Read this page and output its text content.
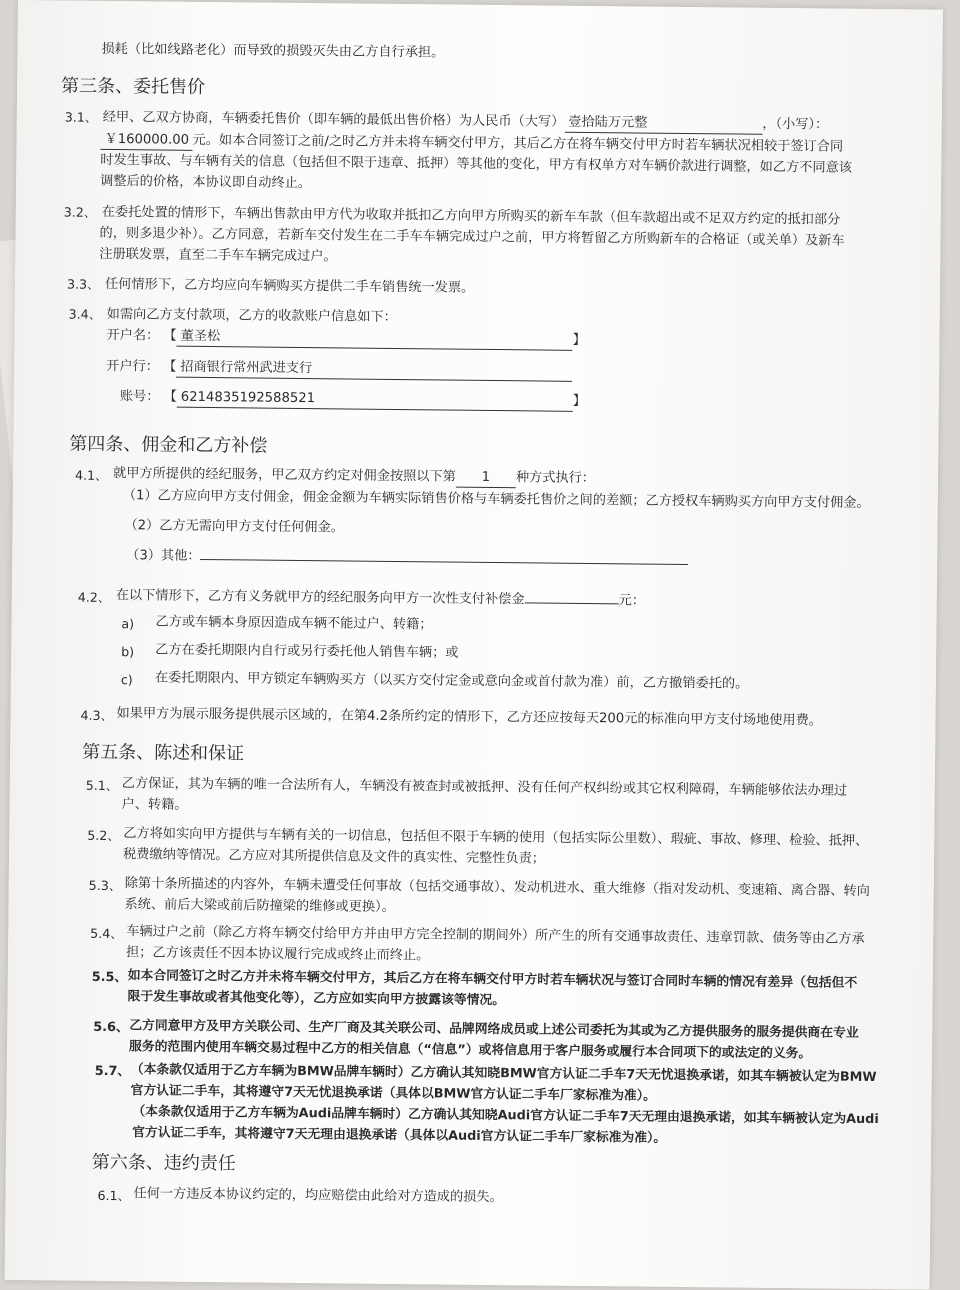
损耗（比如线路老化）而导致的损毁灭失由乙方自行承担。
第三条、委托售价
3.1、 经甲、乙双方协商，车辆委托售价（即车辆的最低出售价格）为人民币（大写） 壹拾陆万元整	，（小写）：
￥160000.00 元。如本合同签订之前/之时乙方并未将车辆交付甲方，其后乙方在将车辆交付甲方时若车辆状况相较于签订合同
时发生事故、与车辆有关的信息（包括但不限于违章、抵押）等其他的变化，甲方有权单方对车辆价款进行调整，如乙方不同意该
调整后的价格，本协议即自动终止。
3.2、 在委托处置的情形下，车辆出售款由甲方代为收取并抵扣乙方向甲方所购买的新车车款（但车款超出或不足双方约定的抵扣部分
的，则多退少补）。乙方同意，若新车交付发生在二手车车辆完成过户之前，甲方将暂留乙方所购新车的合格证（或关单）及新车
注册联发票，直至二手车车辆完成过户。
3.3、 任何情形下，乙方均应向车辆购买方提供二手车销售统一发票。
3.4、 如需向乙方支付款项，乙方的收款账户信息如下：
开户名： 【 董圣松	】
开户行： 【 招商银行常州武进支行
账号： 【 6214835192588521	】
第四条、佣金和乙方补偿
4.1、 就甲方所提供的经纪服务，甲乙双方约定对佣金按照以下第 1 种方式执行：
（1）乙方应向甲方支付佣金，佣金金额为车辆实际销售价格与车辆委托售价之间的差额；乙方授权车辆购买方向甲方支付佣金。
（2）乙方无需向甲方支付任何佣金。
（3）其他：
4.2、 在以下情形下，乙方有义务就甲方的经纪服务向甲方一次性支付补偿金	元：
a) 乙方或车辆本身原因造成车辆不能过户、转籍；
b) 乙方在委托期限内自行或另行委托他人销售车辆；或
c) 在委托期限内、甲方锁定车辆购买方（以买方交付定金或意向金或首付款为准）前，乙方撤销委托的。
4.3、 如果甲方为展示服务提供展示区域的，在第4.2条所约定的情形下，乙方还应按每天200元的标准向甲方支付场地使用费。
第五条、陈述和保证
5.1、 乙方保证，其为车辆的唯一合法所有人，车辆没有被查封或被抵押、没有任何产权纠纷或其它权利障碍，车辆能够依法办理过
户、转籍。
5.2、 乙方将如实向甲方提供与车辆有关的一切信息，包括但不限于车辆的使用（包括实际公里数）、瑕疵、事故、修理、检验、抵押、
税费缴纳等情况。乙方应对其所提供信息及文件的真实性、完整性负责；
5.3、 除第十条所描述的内容外，车辆未遭受任何事故（包括交通事故）、发动机进水、重大维修（指对发动机、变速箱、离合器、转向
系统、前后大梁或前后防撞梁的维修或更换）。
5.4、 车辆过户之前（除乙方将车辆交付给甲方并由甲方完全控制的期间外）所产生的所有交通事故责任、违章罚款、债务等由乙方承
担；乙方该责任不因本协议履行完成或终止而终止。
5.5、 如本合同签订之时乙方并未将车辆交付甲方，其后乙方在将车辆交付甲方时若车辆状况与签订合同时车辆的情况有差异（包括但不
限于发生事故或者其他变化等），乙方应如实向甲方披露该等情况。
5.6、 乙方同意甲方及甲方关联公司、生产厂商及其关联公司、品牌网络成员或上述公司委托为其或为乙方提供服务的服务提供商在专业
服务的范围内使用车辆交易过程中乙方的相关信息（“信息”）或将信息用于客户服务或履行本合同项下的或法定的义务。
5.7、 （本条款仅适用于乙方车辆为BMW品牌车辆时）乙方确认其知晓BMW官方认证二手车7天无忧退换承诺，如其车辆被认定为BMW
官方认证二手车，其将遵守7天无忧退换承诺（具体以BMW官方认证二手车厂家标准为准）。
（本条款仅适用于乙方车辆为Audi品牌车辆时）乙方确认其知晓Audi官方认证二手车7天无理由退换承诺，如其车辆被认定为Audi
官方认证二手车，其将遵守7天无理由退换承诺（具体以Audi官方认证二手车厂家标准为准）。
第六条、违约责任
6.1、 任何一方违反本协议约定的，均应赔偿由此给对方造成的损失。
